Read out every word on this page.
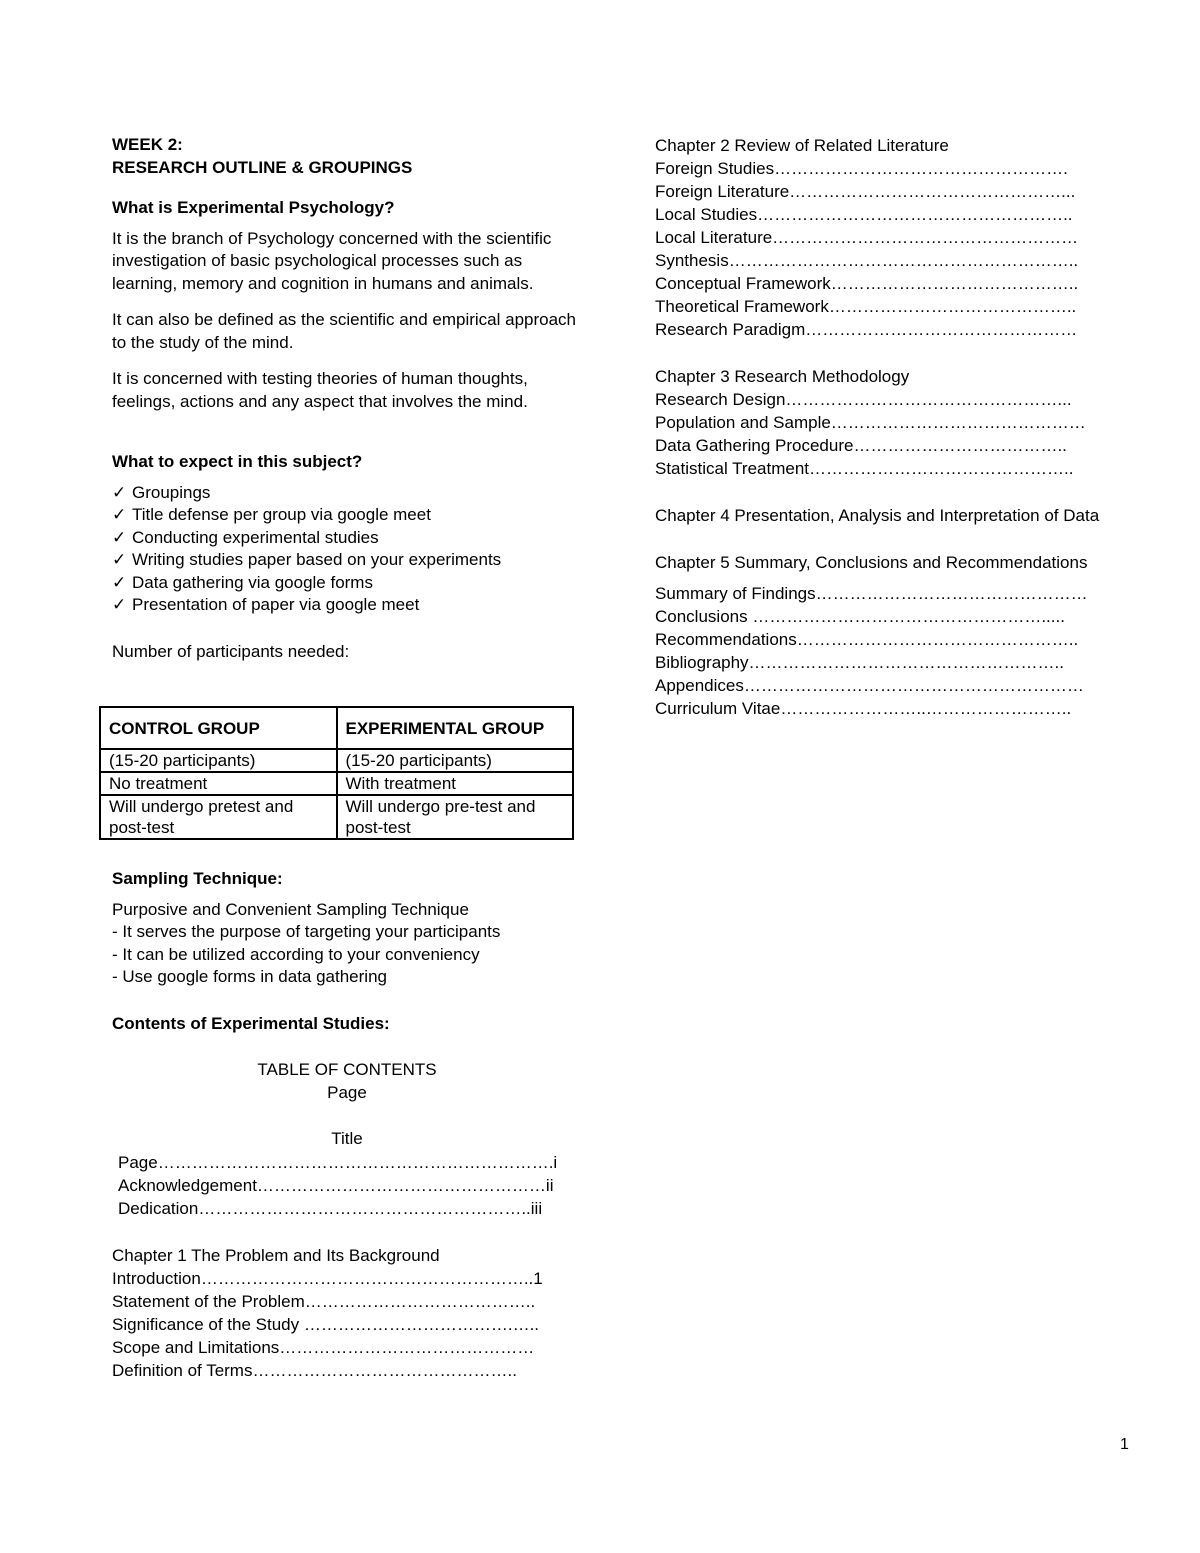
WEEK 2:
RESEARCH OUTLINE & GROUPINGS
What is Experimental Psychology?

It is the branch of Psychology concerned with the scientific investigation of basic psychological processes such as learning, memory and cognition in humans and animals.

It can also be defined as the scientific and empirical approach to the study of the mind.

It is concerned with testing theories of human thoughts, feelings, actions and any aspect that involves the mind.

What to expect in this subject?
✓ Groupings
✓ Title defense per group via google meet
✓ Conducting experimental studies
✓ Writing studies paper based on your experiments
✓ Data gathering via google forms
✓ Presentation of paper via google meet
Number of participants needed:
CONTROL GROUP	EXPERIMENTAL GROUP
(15-20 participants)	(15-20 participants)
No treatment	With treatment
Will undergo pretest and post-test	Will undergo pre-test and post-test
Sampling Technique:
Purposive and Convenient Sampling Technique
- It serves the purpose of targeting your participants
- It can be utilized according to your conveniency
- Use google forms in data gathering
Contents of Experimental Studies:
TABLE OF CONTENTS
Page
Title
Page…………………………………………………………….i
Acknowledgement……………………………………………ii
Dedication…………………………………………………..iii
Chapter 1 The Problem and Its Background
Introduction…………………………………………………..1
Statement of the Problem…………………………………..
Significance of the Study ……………………………….…..
Scope and Limitations………………………………………
Definition of Terms………………………………………..
Chapter 2 Review of Related Literature
Foreign Studies…………………………………………….
Foreign Literature…………………………………………...
Local Studies………………………………………………..
Local Literature………………………………………………
Synthesis……………………………………………………..
Conceptual Framework……………………………………..
Theoretical Framework……………………………………..
Research Paradigm…………………………………………
Chapter 3 Research Methodology
Research Design…………………………………………...
Population and Sample………………………………………
Data Gathering Procedure………………………………..
Statistical Treatment………………………………………..
Chapter 4 Presentation, Analysis and Interpretation of Data
Chapter 5 Summary, Conclusions and Recommendations
Summary of Findings…………………………………………
Conclusions …………………………………………….....
Recommendations…………………………………………..
Bibliography………………………………………………..
Appendices……………………………………………………
Curriculum Vitae……………………..……………………..
1
